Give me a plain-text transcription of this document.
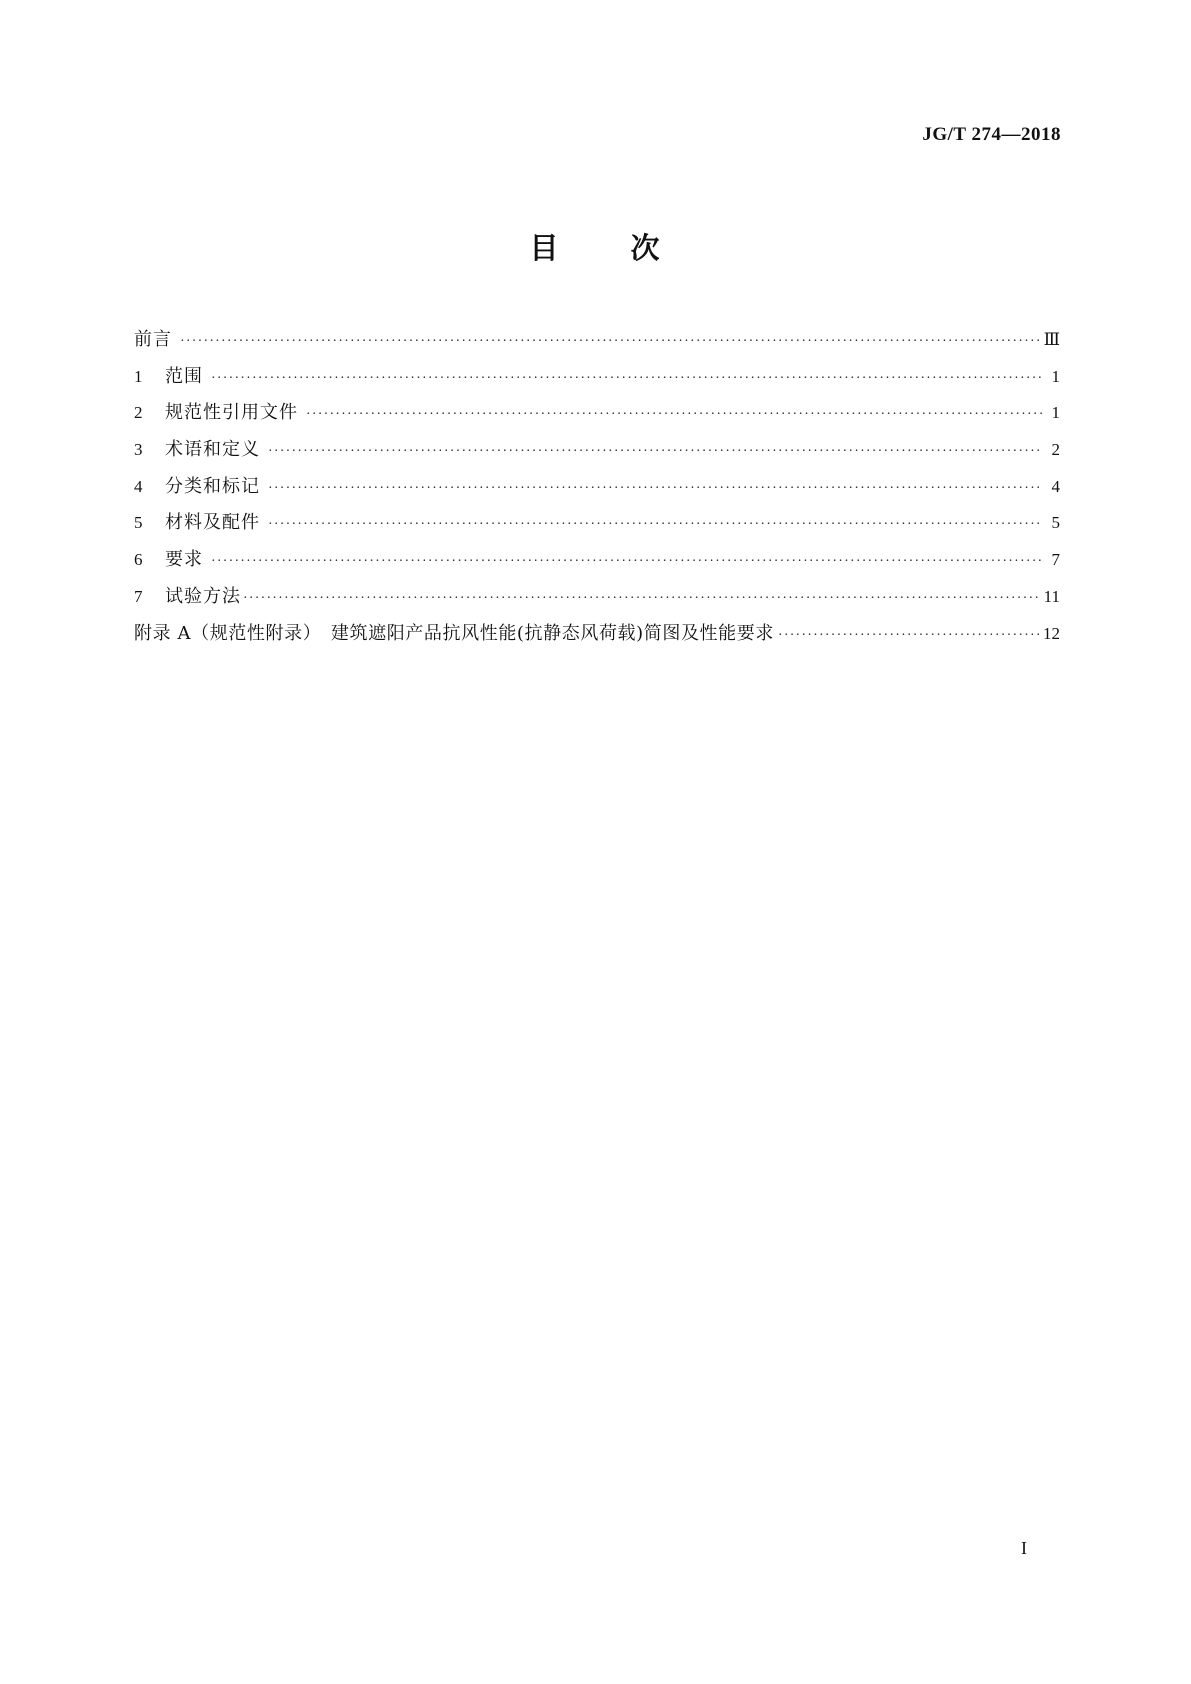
JG/T 274—2018
目 次
前言 ·····	Ⅲ
1	范围 ·····	1
2	规范性引用文件 ·····	1
3	术语和定义 ·····	2
4	分类和标记 ·····	4
5	材料及配件 ·····	5
6	要求 ·····	7
7	试验方法 ·····	11
附录 A（规范性附录）　建筑遮阳产品抗风性能(抗静态风荷载)简图及性能要求 ·····	12
I
